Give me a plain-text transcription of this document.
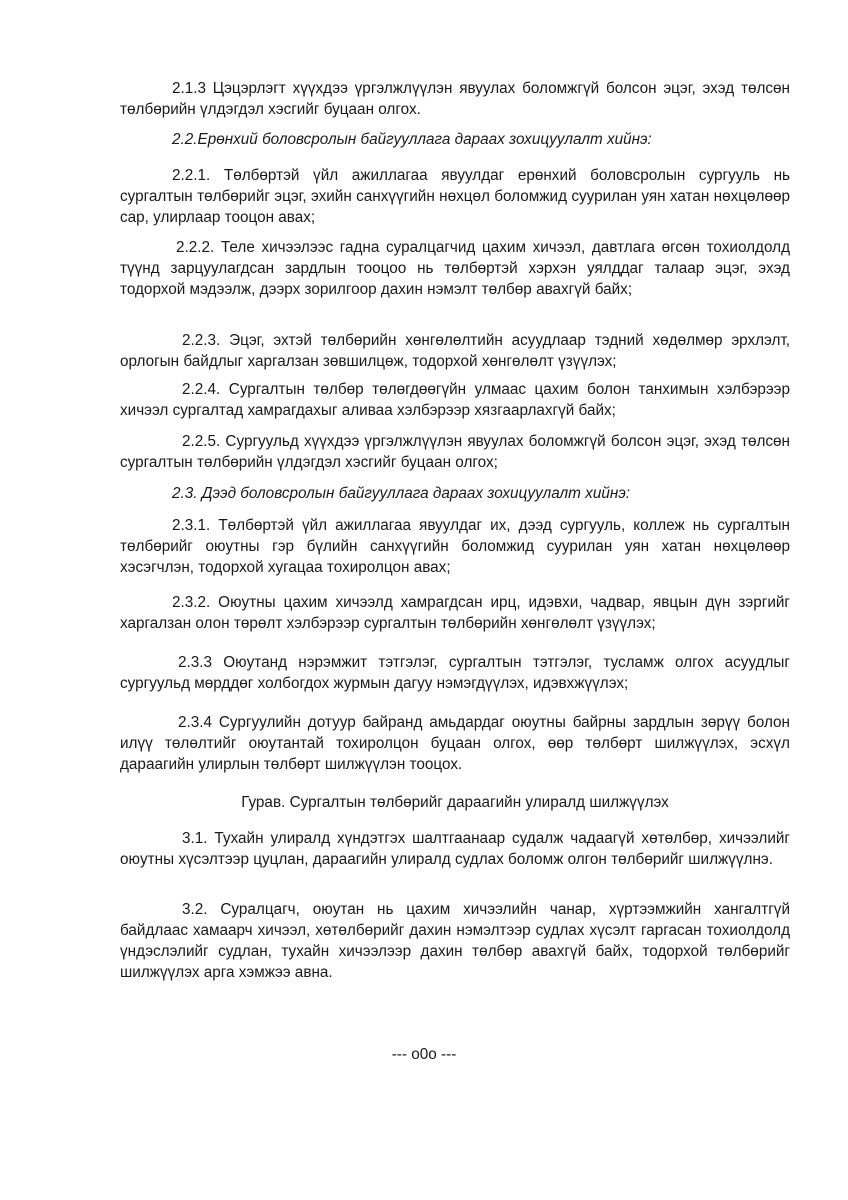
2.1.3 Цэцэрлэгт хүүхдээ үргэлжлүүлэн явуулах боломжгүй болсон эцэг, эхэд төлсөн төлбөрийн үлдэгдэл хэсгийг буцаан олгох.

2.2.Ерөнхий боловсролын байгууллага дараах зохицуулалт хийнэ:

2.2.1. Төлбөртэй үйл ажиллагаа явуулдаг ерөнхий боловсролын сургууль нь сургалтын төлбөрийг эцэг, эхийн санхүүгийн нөхцөл боломжид суурилан уян хатан нөхцөлөөр сар, улирлаар тооцон авах;

2.2.2. Теле хичээлээс гадна суралцагчид цахим хичээл, давтлага өгсөн тохиолдолд түүнд зарцуулагдсан зардлын тооцоо нь төлбөртэй хэрхэн уялддаг талаар эцэг, эхэд тодорхой мэдээлж, дээрх зорилгоор дахин нэмэлт төлбөр авахгүй байх;

2.2.3. Эцэг, эхтэй төлбөрийн хөнгөлөлтийн асуудлаар тэдний хөдөлмөр эрхлэлт, орлогын байдлыг харгалзан зөвшилцөж, тодорхой хөнгөлөлт үзүүлэх;

2.2.4. Сургалтын төлбөр төлөгдөөгүйн улмаас цахим болон танхимын хэлбэрээр хичээл сургалтад хамрагдахыг аливаа хэлбэрээр хязгаарлахгүй байх;

2.2.5. Сургуульд хүүхдээ үргэлжлүүлэн явуулах боломжгүй болсон эцэг, эхэд төлсөн сургалтын төлбөрийн үлдэгдэл хэсгийг буцаан олгох;

2.3. Дээд боловсролын байгууллага дараах зохицуулалт хийнэ:

2.3.1. Төлбөртэй үйл ажиллагаа явуулдаг их, дээд сургууль, коллеж нь сургалтын төлбөрийг оюутны гэр бүлийн санхүүгийн боломжид суурилан уян хатан нөхцөлөөр хэсэгчлэн, тодорхой хугацаа тохиролцон авах;

2.3.2. Оюутны цахим хичээлд хамрагдсан ирц, идэвхи, чадвар, явцын дүн зэргийг харгалзан олон төрөлт хэлбэрээр сургалтын төлбөрийн хөнгөлөлт үзүүлэх;

2.3.3 Оюутанд нэрэмжит тэтгэлэг, сургалтын тэтгэлэг, тусламж олгох асуудлыг сургуульд мөрддөг холбогдох журмын дагуу нэмэгдүүлэх, идэвхжүүлэх;

2.3.4 Сургуулийн дотуур байранд амьдардаг оюутны байрны зардлын зөрүү болон илүү төлөлтийг оюутантай тохиролцон буцаан олгох, өөр төлбөрт шилжүүлэх, эсхүл дараагийн улирлын төлбөрт шилжүүлэн тооцох.

Гурав. Сургалтын төлбөрийг дараагийн улиралд шилжүүлэх

3.1. Тухайн улиралд хүндэтгэх шалтгаанаар судалж чадаагүй хөтөлбөр, хичээлийг оюутны хүсэлтээр цуцлан, дараагийн улиралд судлах боломж олгон төлбөрийг шилжүүлнэ.

3.2. Суралцагч, оюутан нь цахим хичээлийн чанар, хүртээмжийн хангалтгүй байдлаас хамаарч хичээл, хөтөлбөрийг дахин нэмэлтээр судлах хүсэлт гаргасан тохиолдолд үндэслэлийг судлан, тухайн хичээлээр дахин төлбөр авахгүй байх, тодорхой төлбөрийг шилжүүлэх арга хэмжээ авна.

--- o0o ---
